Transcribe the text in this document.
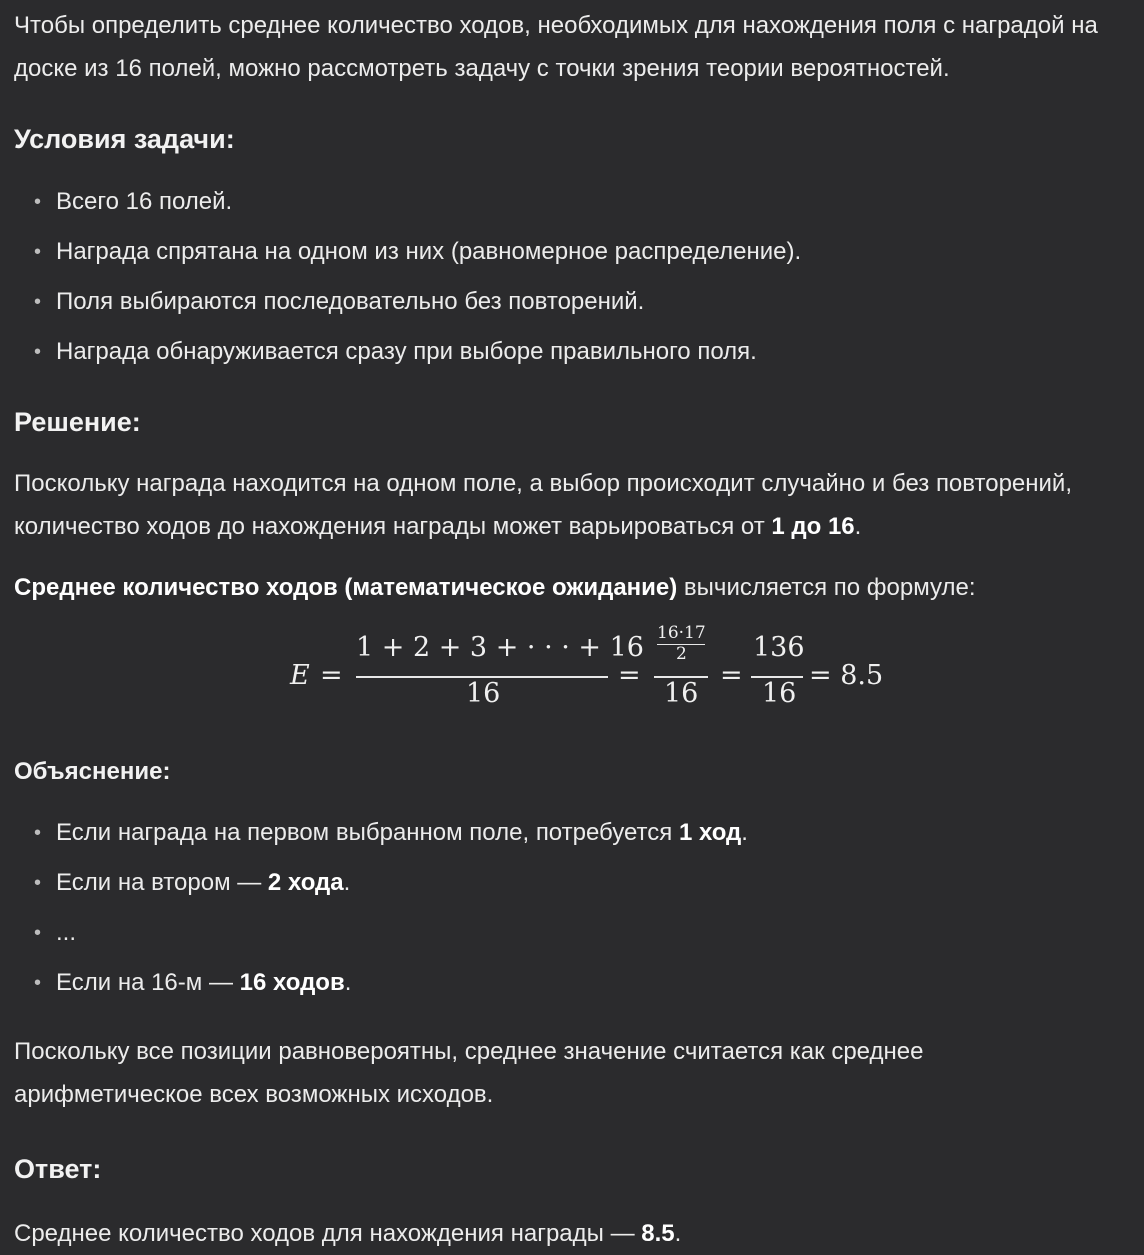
Чтобы определить среднее количество ходов, необходимых для нахождения поля с наградой на доске из 16 полей, можно рассмотреть задачу с точки зрения теории вероятностей.

Условия задачи:
• Всего 16 полей.
• Награда спрятана на одном из них (равномерное распределение).
• Поля выбираются последовательно без повторений.
• Награда обнаруживается сразу при выборе правильного поля.
Решение:

Поскольку награда находится на одном поле, а выбор происходит случайно и без повторений, количество ходов до нахождения награды может варьироваться от 1 до 16.

Среднее количество ходов (математическое ожидание) вычисляется по формуле:

E =
1 + 2 + 3 + · · · + 16
16
=
16·17
2
16
=
136
16
= 8.5
Объяснение:
• Если награда на первом выбранном поле, потребуется 1 ход.
• Если на втором — 2 хода.
• ...
• Если на 16-м — 16 ходов.

Поскольку все позиции равновероятны, среднее значение считается как среднее арифметическое всех возможных исходов.

Ответ:

Среднее количество ходов для нахождения награды — 8.5.
